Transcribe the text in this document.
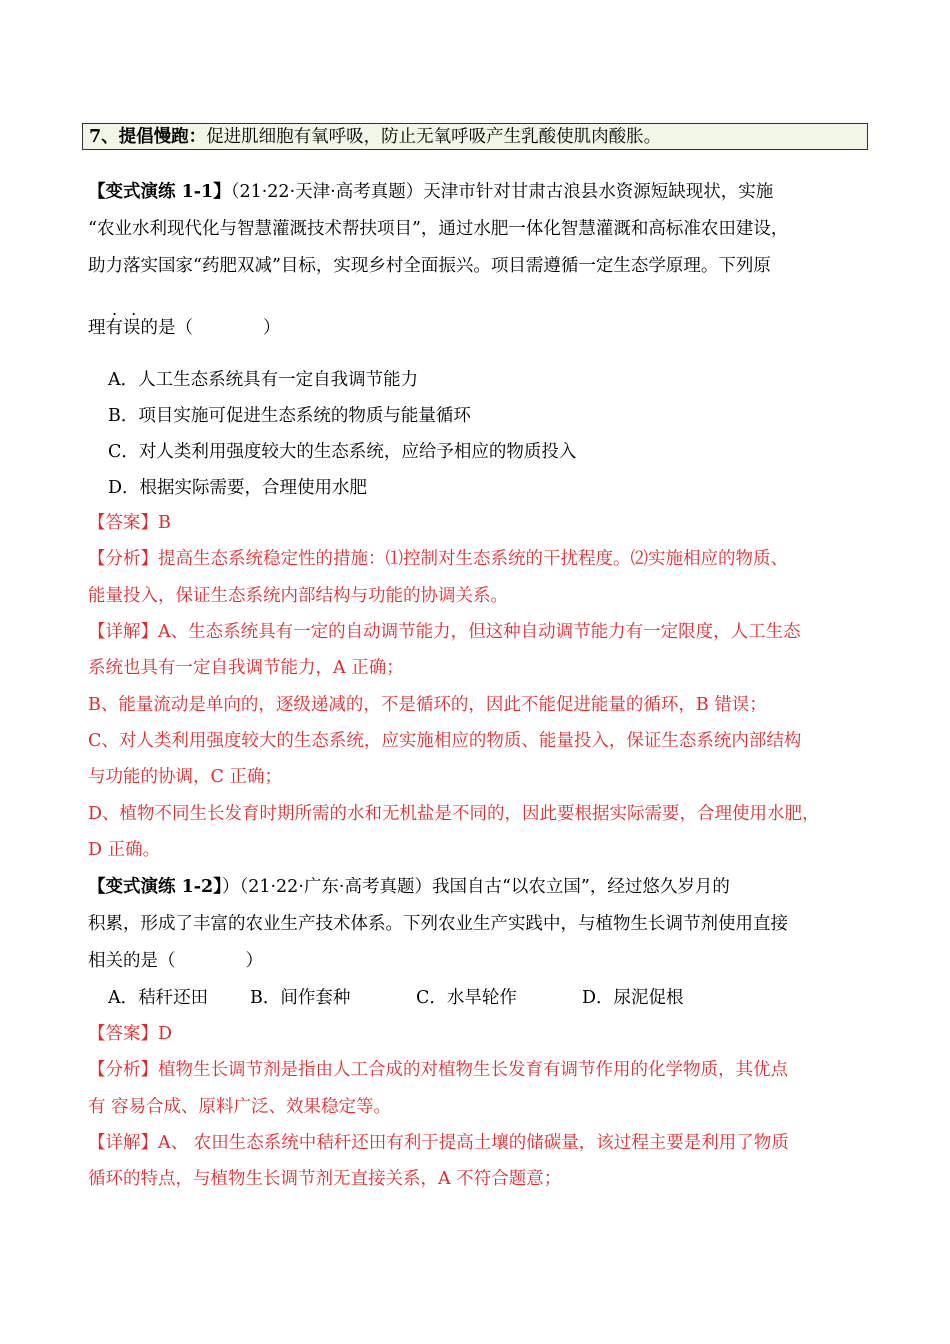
7、提倡慢跑：促进肌细胞有氧呼吸，防止无氧呼吸产生乳酸使肌肉酸胀。
【变式演练 1-1】（21·22·天津·高考真题）天津市针对甘肃古浪县水资源短缺现状，实施
“农业水利现代化与智慧灌溉技术帮扶项目”，通过水肥一体化智慧灌溉和高标准农田建设，
助力落实国家“药肥双减”目标，实现乡村全面振兴。项目需遵循一定生态学原理。下列原
..
理有误的是（　　　　）
A．人工生态系统具有一定自我调节能力
B．项目实施可促进生态系统的物质与能量循环
C．对人类利用强度较大的生态系统，应给予相应的物质投入
D．根据实际需要，合理使用水肥
【答案】B
【分析】提高生态系统稳定性的措施：⑴控制对生态系统的干扰程度。⑵实施相应的物质、
能量投入，保证生态系统内部结构与功能的协调关系。
【详解】A、生态系统具有一定的自动调节能力，但这种自动调节能力有一定限度，人工生态
系统也具有一定自我调节能力，A 正确；
B、能量流动是单向的，逐级递减的，不是循环的，因此不能促进能量的循环，B 错误；
C、对人类利用强度较大的生态系统，应实施相应的物质、能量投入，保证生态系统内部结构
与功能的协调，C 正确；
D、植物不同生长发育时期所需的水和无机盐是不同的，因此要根据实际需要，合理使用水肥，
D 正确。
【变式演练 1-2】）（21·22·广东·高考真题）我国自古“以农立国”，经过悠久岁月的
积累，形成了丰富的农业生产技术体系。下列农业生产实践中，与植物生长调节剂使用直接
相关的是（　　　　）
A．秸秆还田 B．间作套种	C．水旱轮作	D．尿泥促根
【答案】D
【分析】植物生长调节剂是指由人工合成的对植物生长发育有调节作用的化学物质，其优点
有 容易合成、原料广泛、效果稳定等。
【详解】A、 农田生态系统中秸秆还田有利于提高土壤的储碳量，该过程主要是利用了物质
循环的特点，与植物生长调节剂无直接关系，A 不符合题意；
